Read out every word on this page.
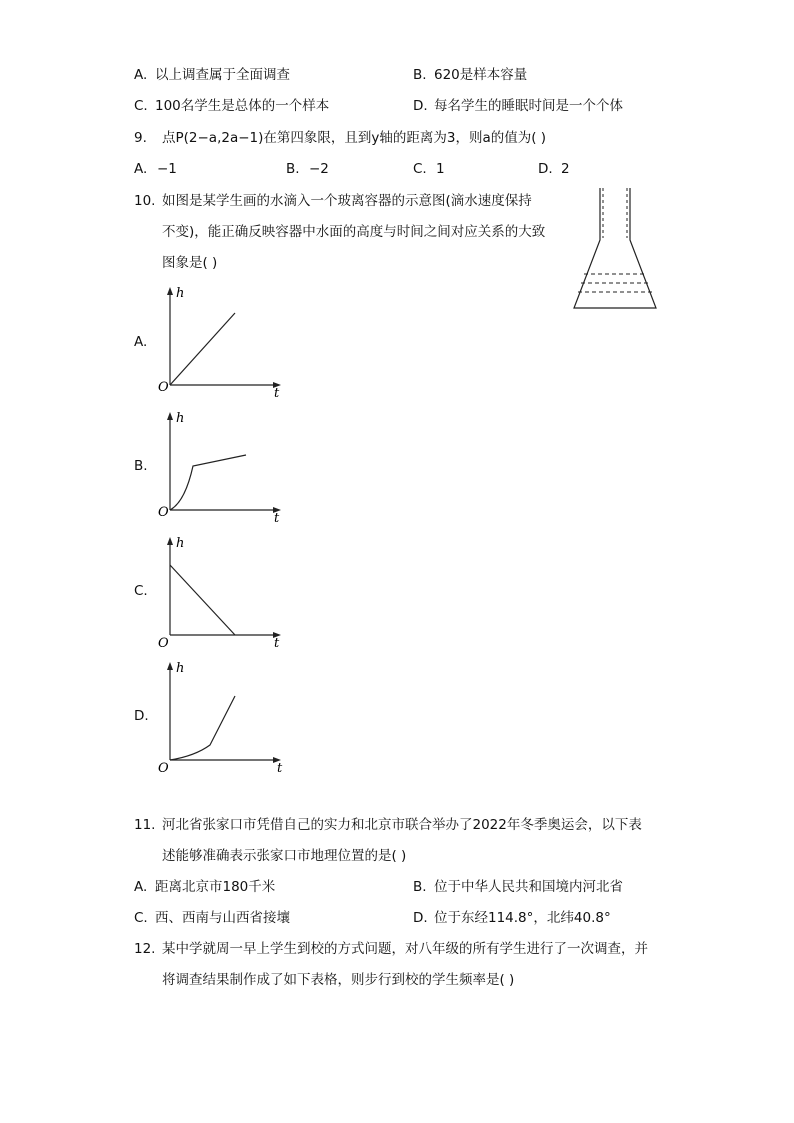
A. 以上调查属于全面调查	B. 620是样本容量
C. 100名学生是总体的一个样本	D. 每名学生的睡眠时间是一个个体
9. 点P(2−a,2a−1)在第四象限，且到y轴的距离为3，则a的值为( )
A. −1	B. −2	C. 1	D. 2
10. 如图是某学生画的水滴入一个玻离容器的示意图(滴水速度保持
不变)，能正确反映容器中水面的高度与时间之间对应关系的大致
图象是( )
A.
h
t
O
B.
h
t
O
C.
h
t
O
D.
h
t
O
11. 河北省张家口市凭借自己的实力和北京市联合举办了2022年冬季奥运会，以下表
述能够准确表示张家口市地理位置的是( )
A. 距离北京市180千米	B. 位于中华人民共和国境内河北省
C. 西、西南与山西省接壤	D. 位于东经114.8°，北纬40.8°
12. 某中学就周一早上学生到校的方式问题，对八年级的所有学生进行了一次调查，并
将调查结果制作成了如下表格，则步行到校的学生频率是( )
